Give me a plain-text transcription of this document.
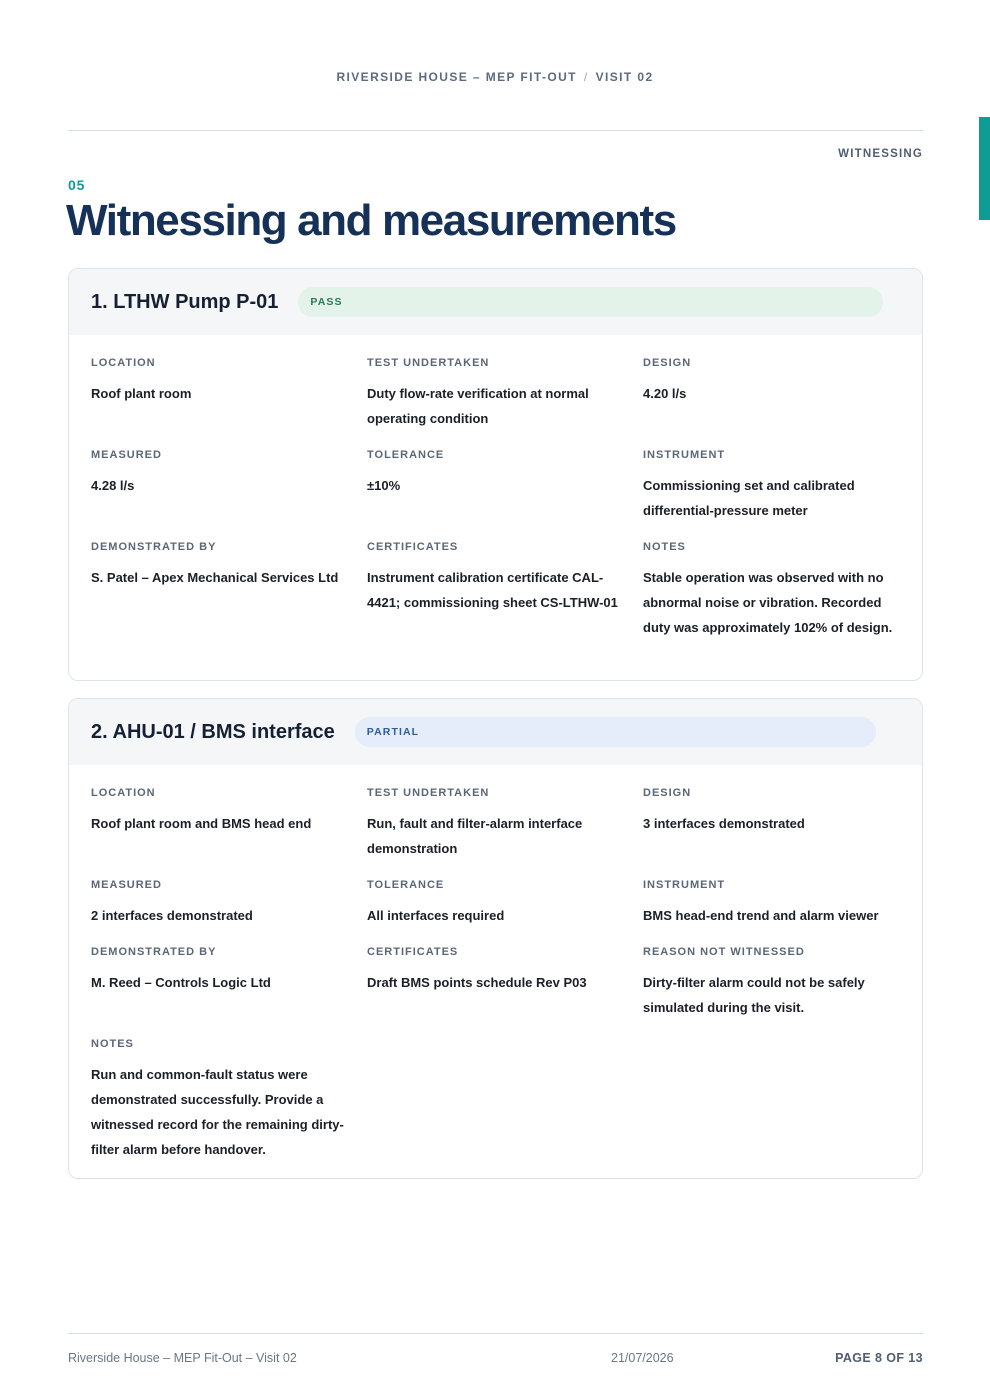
RIVERSIDE HOUSE – MEP FIT-OUT / VISIT 02
WITNESSING
05
Witnessing and measurements
1. LTHW Pump P-01	PASS
LOCATION
Roof plant room
TEST UNDERTAKEN
Duty flow-rate verification at normal operating condition
DESIGN
4.20 l/s
MEASURED
4.28 l/s
TOLERANCE
±10%
INSTRUMENT
Commissioning set and calibrated differential-pressure meter
DEMONSTRATED BY
S. Patel – Apex Mechanical Services Ltd
CERTIFICATES
Instrument calibration certificate CAL-4421; commissioning sheet CS-LTHW-01
NOTES
Stable operation was observed with no abnormal noise or vibration. Recorded duty was approximately 102% of design.
2. AHU-01 / BMS interface	PARTIAL
LOCATION
Roof plant room and BMS head end
TEST UNDERTAKEN
Run, fault and filter-alarm interface demonstration
DESIGN
3 interfaces demonstrated
MEASURED
2 interfaces demonstrated
TOLERANCE
All interfaces required
INSTRUMENT
BMS head-end trend and alarm viewer
DEMONSTRATED BY
M. Reed – Controls Logic Ltd
CERTIFICATES
Draft BMS points schedule Rev P03
REASON NOT WITNESSED
Dirty-filter alarm could not be safely simulated during the visit.
NOTES
Run and common-fault status were demonstrated successfully. Provide a witnessed record for the remaining dirty-filter alarm before handover.
Riverside House – MEP Fit-Out – Visit 02	21/07/2026	PAGE 8 OF 13
